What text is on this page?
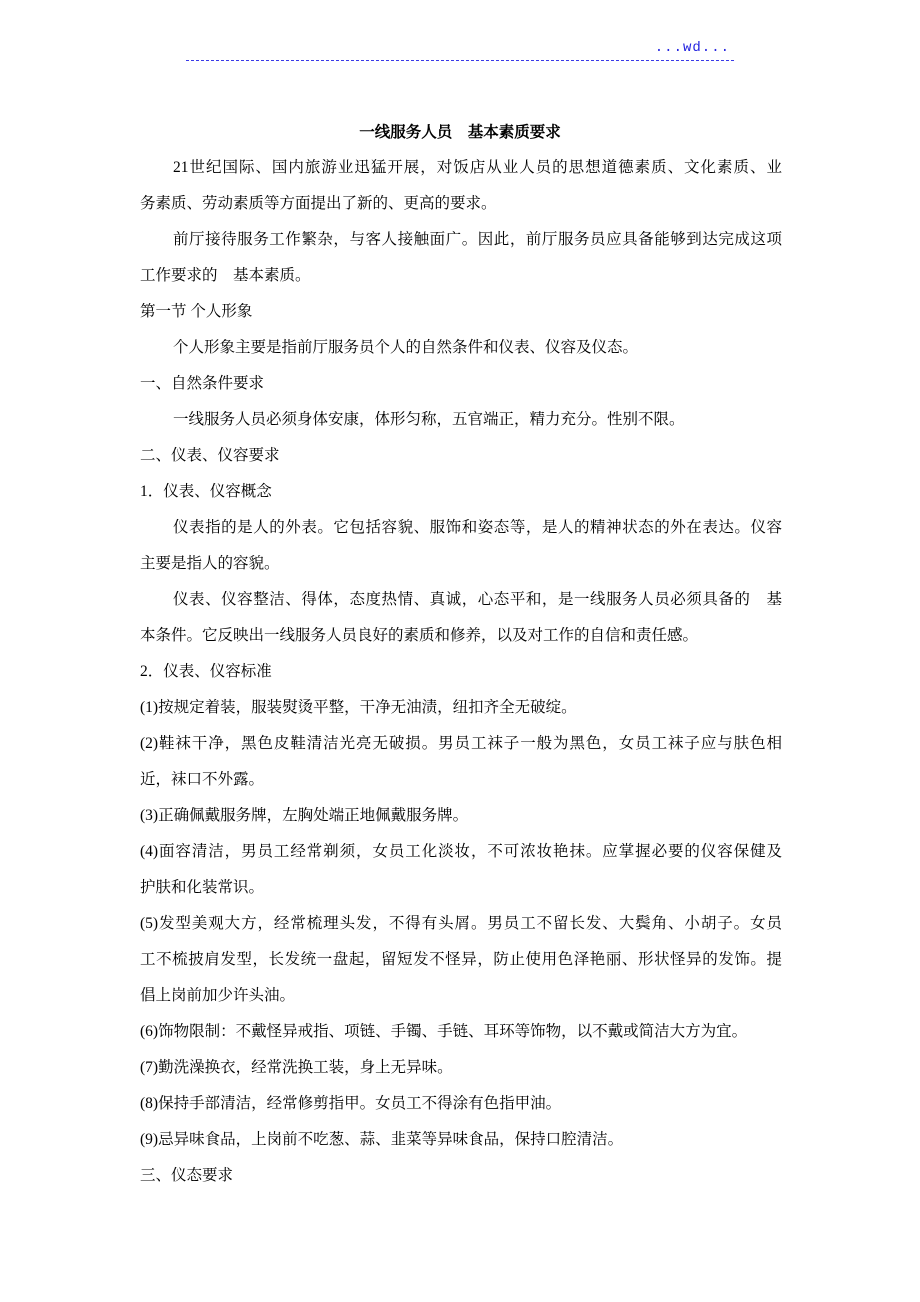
...wd...
一线服务人员　基本素质要求
21世纪国际、国内旅游业迅猛开展，对饭店从业人员的思想道德素质、文化素质、业
务素质、劳动素质等方面提出了新的、更高的要求。
前厅接待服务工作繁杂，与客人接触面广。因此，前厅服务员应具备能够到达完成这项
工作要求的　基本素质。
第一节 个人形象
个人形象主要是指前厅服务员个人的自然条件和仪表、仪容及仪态。
一、自然条件要求
一线服务人员必须身体安康，体形匀称，五官端正，精力充分。性别不限。
二、仪表、仪容要求
1．仪表、仪容概念
仪表指的是人的外表。它包括容貌、服饰和姿态等，是人的精神状态的外在表达。仪容
主要是指人的容貌。
仪表、仪容整洁、得体，态度热情、真诚，心态平和，是一线服务人员必须具备的　基
本条件。它反映出一线服务人员良好的素质和修养，以及对工作的自信和责任感。
2．仪表、仪容标准
(1)按规定着装，服装熨烫平整，干净无油渍，纽扣齐全无破绽。
(2)鞋袜干净，黑色皮鞋清洁光亮无破损。男员工袜子一般为黑色，女员工袜子应与肤色相
近，袜口不外露。
(3)正确佩戴服务牌，左胸处端正地佩戴服务牌。
(4)面容清洁，男员工经常剃须，女员工化淡妆，不可浓妆艳抹。应掌握必要的仪容保健及
护肤和化装常识。
(5)发型美观大方，经常梳理头发，不得有头屑。男员工不留长发、大鬓角、小胡子。女员
工不梳披肩发型，长发统一盘起，留短发不怪异，防止使用色泽艳丽、形状怪异的发饰。提
倡上岗前加少许头油。
(6)饰物限制：不戴怪异戒指、项链、手镯、手链、耳环等饰物，以不戴或简洁大方为宜。
(7)勤洗澡换衣，经常洗换工装，身上无异味。
(8)保持手部清洁，经常修剪指甲。女员工不得涂有色指甲油。
(9)忌异味食品，上岗前不吃葱、蒜、韭菜等异味食品，保持口腔清洁。
三、仪态要求
